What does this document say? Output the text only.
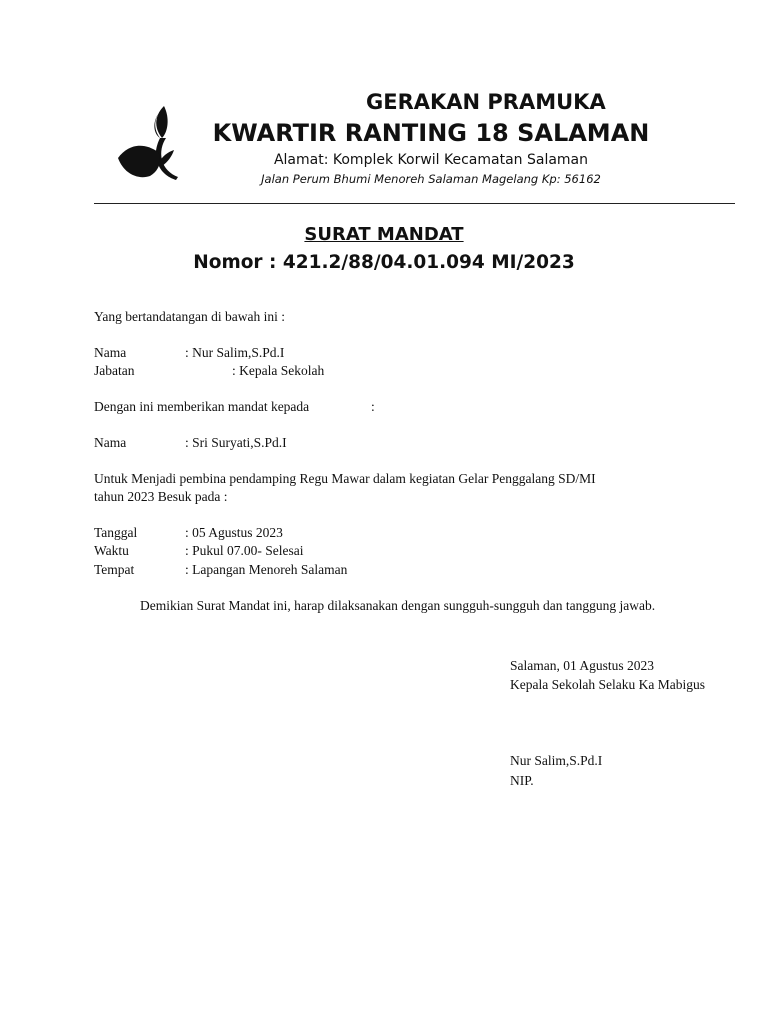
GERAKAN PRAMUKA
KWARTIR RANTING 18 SALAMAN
Alamat: Komplek Korwil Kecamatan Salaman
Jalan Perum Bhumi Menoreh Salaman Magelang Kp: 56162
SURAT MANDAT
Nomor : 421.2/88/04.01.094 MI/2023
Yang bertandatangan di bawah ini :
Nama	: Nur Salim,S.Pd.I
Jabatan	: Kepala Sekolah
Dengan ini memberikan mandat kepada	:
Nama	: Sri Suryati,S.Pd.I
Untuk Menjadi pembina pendamping Regu Mawar dalam kegiatan Gelar Penggalang SD/MI
tahun 2023 Besuk pada :
Tanggal	: 05 Agustus 2023
Waktu	: Pukul 07.00- Selesai
Tempat	: Lapangan Menoreh Salaman
Demikian Surat Mandat ini, harap dilaksanakan dengan sungguh-sungguh dan tanggung jawab.
Salaman, 01 Agustus 2023
Kepala Sekolah Selaku Ka Mabigus
Nur Salim,S.Pd.I
NIP.
